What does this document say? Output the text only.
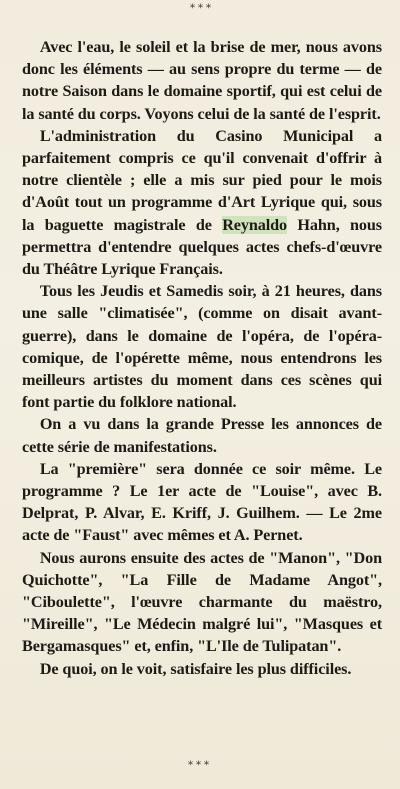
***

Avec l'eau, le soleil et la brise de mer, nous avons donc les éléments — au sens propre du terme — de notre Saison dans le domaine sportif, qui est celui de la santé du corps. Voyons celui de la santé de l'esprit.

L'administration du Casino Municipal a parfaitement compris ce qu'il convenait d'offrir à notre clientèle ; elle a mis sur pied pour le mois d'Août tout un programme d'Art Lyrique qui, sous la baguette magistrale de Reynaldo Hahn, nous permettra d'entendre quelques actes chefs-d'œuvre du Théâtre Lyrique Français.

Tous les Jeudis et Samedis soir, à 21 heures, dans une salle "climatisée", (comme on disait avant-guerre), dans le domaine de l'opéra, de l'opéra-comique, de l'opérette même, nous entendrons les meilleurs artistes du moment dans ces scènes qui font partie du folklore national.

On a vu dans la grande Presse les annonces de cette série de manifestations.

La "première" sera donnée ce soir même. Le programme ? Le 1er acte de "Louise", avec B. Delprat, P. Alvar, E. Kriff, J. Guilhem. — Le 2me acte de "Faust" avec mêmes et A. Pernet.

Nous aurons ensuite des actes de "Manon", "Don Quichotte", "La Fille de Madame Angot", "Ciboulette", l'œuvre charmante du maëstro, "Mireille", "Le Médecin malgré lui", "Masques et Bergamasques" et, enfin, "L'Ile de Tulipatan".

De quoi, on le voit, satisfaire les plus difficiles.

***
